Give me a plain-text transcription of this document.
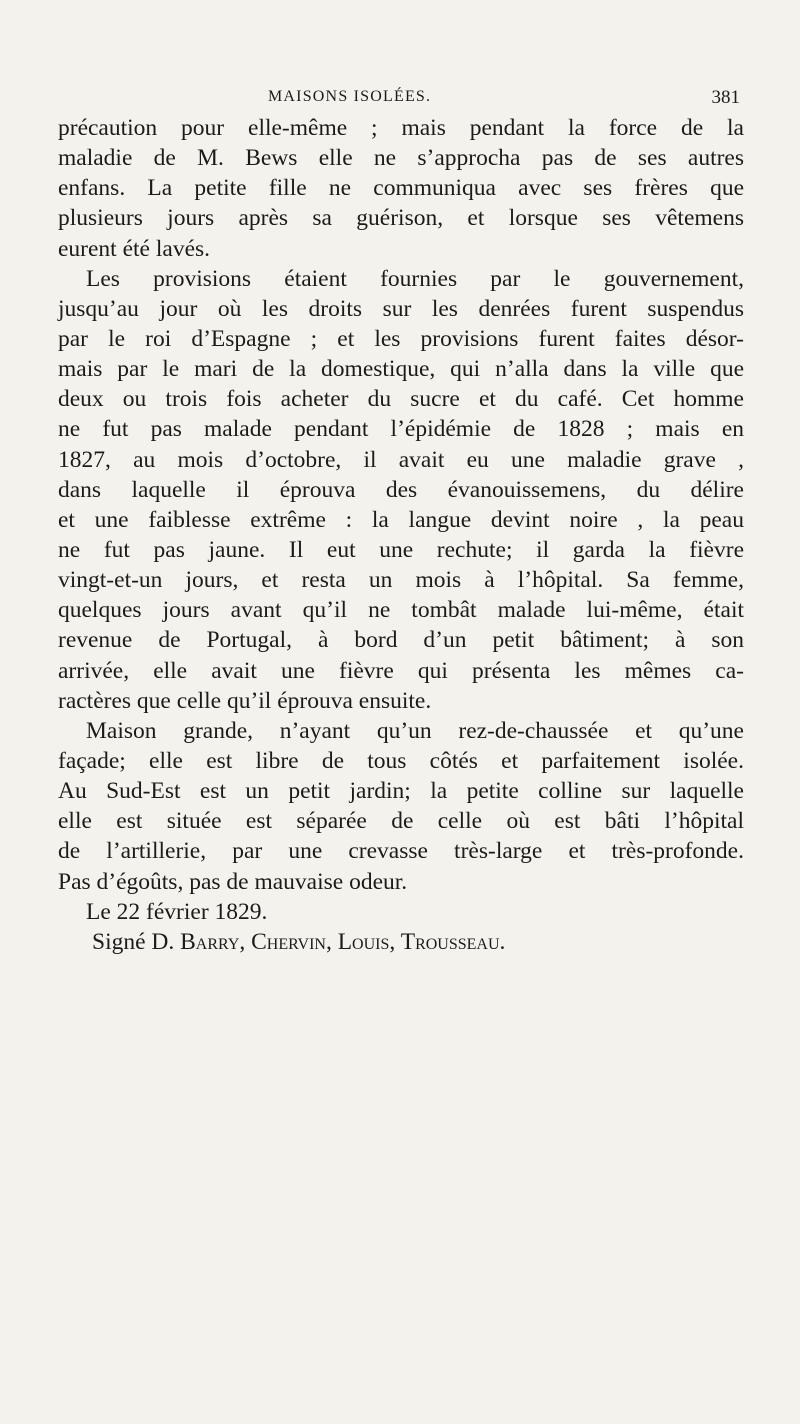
MAISONS ISOLÉES.	381
précaution pour elle-même ; mais pendant la force de la
maladie de M. Bews elle ne s’approcha pas de ses autres
enfans. La petite fille ne communiqua avec ses frères que
plusieurs jours après sa guérison, et lorsque ses vêtemens
eurent été lavés.
Les provisions étaient fournies par le gouvernement,
jusqu’au jour où les droits sur les denrées furent suspendus
par le roi d’Espagne ; et les provisions furent faites désor-
mais par le mari de la domestique, qui n’alla dans la ville que
deux ou trois fois acheter du sucre et du café. Cet homme
ne fut pas malade pendant l’épidémie de 1828 ; mais en
1827, au mois d’octobre, il avait eu une maladie grave ,
dans laquelle il éprouva des évanouissemens, du délire
et une faiblesse extrême : la langue devint noire , la peau
ne fut pas jaune. Il eut une rechute; il garda la fièvre
vingt-et-un jours, et resta un mois à l’hôpital. Sa femme,
quelques jours avant qu’il ne tombât malade lui-même, était
revenue de Portugal, à bord d’un petit bâtiment; à son
arrivée, elle avait une fièvre qui présenta les mêmes ca-
ractères que celle qu’il éprouva ensuite.
Maison grande, n’ayant qu’un rez-de-chaussée et qu’une
façade; elle est libre de tous côtés et parfaitement isolée.
Au Sud-Est est un petit jardin; la petite colline sur laquelle
elle est située est séparée de celle où est bâti l’hôpital
de l’artillerie, par une crevasse très-large et très-profonde.
Pas d’égoûts, pas de mauvaise odeur.
Le 22 février 1829.
Signé D. Barry, Chervin, Louis, Trousseau.
